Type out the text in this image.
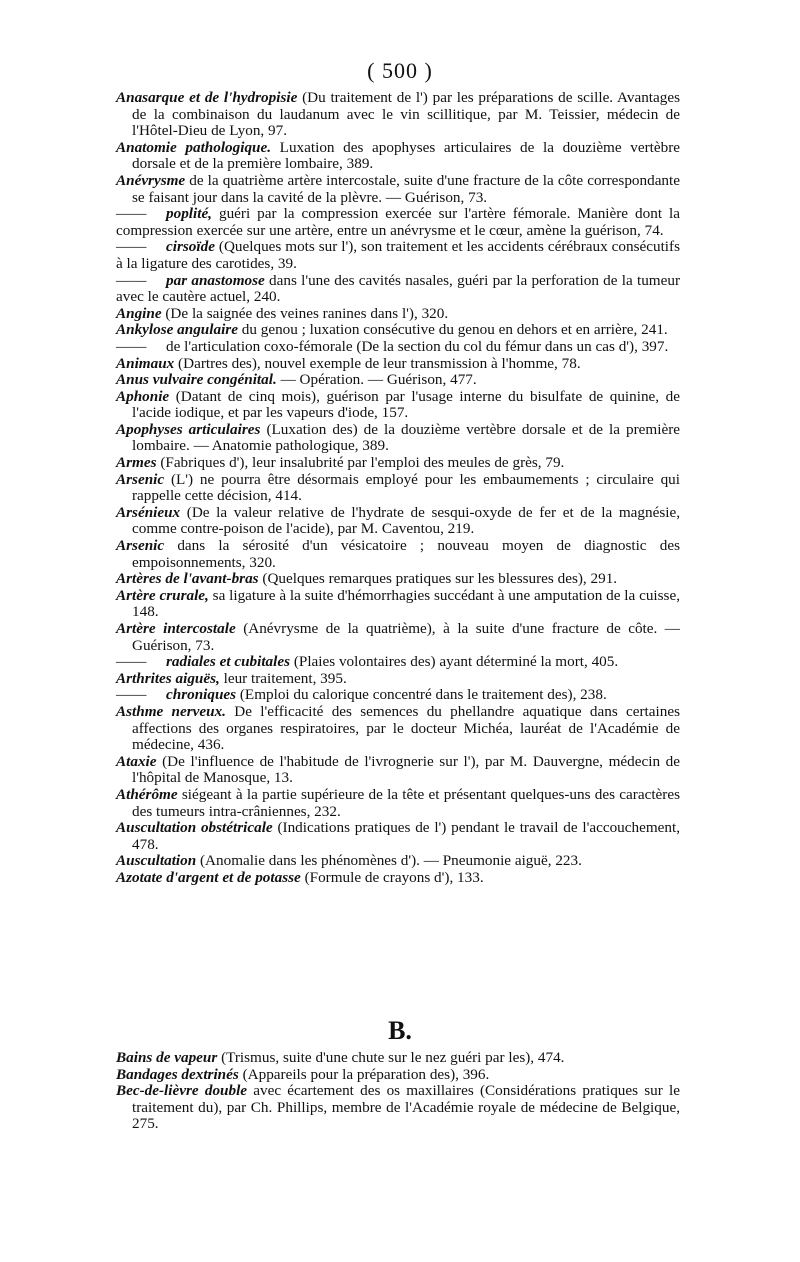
( 500 )

Anasarque et de l'hydropisie (Du traitement de l') par les préparations de scille. Avantages de la combinaison du laudanum avec le vin scillitique, par M. Teissier, médecin de l'Hôtel-Dieu de Lyon, 97.

Anatomie pathologique. Luxation des apophyses articulaires de la douzième vertèbre dorsale et de la première lombaire, 389.

Anévrysme de la quatrième artère intercostale, suite d'une fracture de la côte correspondante se faisant jour dans la cavité de la plèvre. — Guérison, 73.

—— poplité, guéri par la compression exercée sur l'artère fémorale. Manière dont la compression exercée sur une artère, entre un anévrysme et le cœur, amène la guérison, 74.

—— cirsoïde (Quelques mots sur l'), son traitement et les accidents cérébraux consécutifs à la ligature des carotides, 39.

—— par anastomose dans l'une des cavités nasales, guéri par la perforation de la tumeur avec le cautère actuel, 240.

Angine (De la saignée des veines ranines dans l'), 320.

Ankylose angulaire du genou ; luxation consécutive du genou en dehors et en arrière, 241.

—— de l'articulation coxo-fémorale (De la section du col du fémur dans un cas d'), 397.

Animaux (Dartres des), nouvel exemple de leur transmission à l'homme, 78.

Anus vulvaire congénital. — Opération. — Guérison, 477.

Aphonie (Datant de cinq mois), guérison par l'usage interne du bisulfate de quinine, de l'acide iodique, et par les vapeurs d'iode, 157.

Apophyses articulaires (Luxation des) de la douzième vertèbre dorsale et de la première lombaire. — Anatomie pathologique, 389.

Armes (Fabriques d'), leur insalubrité par l'emploi des meules de grès, 79.

Arsenic (L') ne pourra être désormais employé pour les embaumements ; circulaire qui rappelle cette décision, 414.

Arsénieux (De la valeur relative de l'hydrate de sesqui-oxyde de fer et de la magnésie, comme contre-poison de l'acide), par M. Caventou, 219.

Arsenic dans la sérosité d'un vésicatoire ; nouveau moyen de diagnostic des empoisonnements, 320.

Artères de l'avant-bras (Quelques remarques pratiques sur les blessures des), 291.

Artère crurale, sa ligature à la suite d'hémorrhagies succédant à une amputation de la cuisse, 148.

Artère intercostale (Anévrysme de la quatrième), à la suite d'une fracture de côte. — Guérison, 73.

—— radiales et cubitales (Plaies volontaires des) ayant déterminé la mort, 405.

Arthrites aiguës, leur traitement, 395.

—— chroniques (Emploi du calorique concentré dans le traitement des), 238.

Asthme nerveux. De l'efficacité des semences du phellandre aquatique dans certaines affections des organes respiratoires, par le docteur Michéa, lauréat de l'Académie de médecine, 436.

Ataxie (De l'influence de l'habitude de l'ivrognerie sur l'), par M. Dauvergne, médecin de l'hôpital de Manosque, 13.

Athérôme siégeant à la partie supérieure de la tête et présentant quelques-uns des caractères des tumeurs intra-crâniennes, 232.

Auscultation obstétricale (Indications pratiques de l') pendant le travail de l'accouchement, 478.

Auscultation (Anomalie dans les phénomènes d'). — Pneumonie aiguë, 223.

Azotate d'argent et de potasse (Formule de crayons d'), 133.

B.

Bains de vapeur (Trismus, suite d'une chute sur le nez guéri par les), 474.

Bandages dextrinés (Appareils pour la préparation des), 396.

Bec-de-lièvre double avec écartement des os maxillaires (Considérations pratiques sur le traitement du), par Ch. Phillips, membre de l'Académie royale de médecine de Belgique, 275.
